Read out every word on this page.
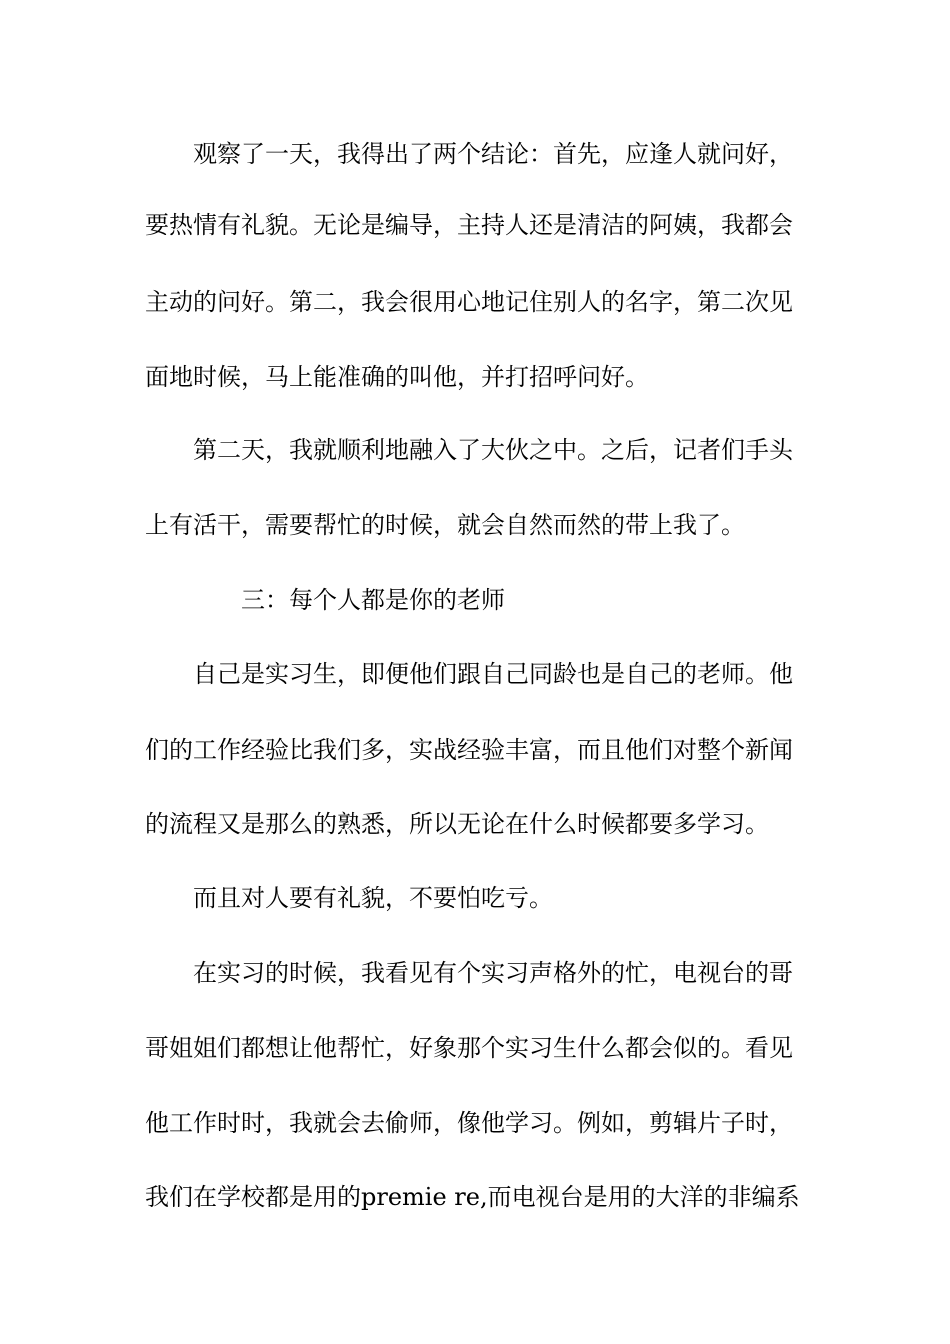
观察了一天，我得出了两个结论：首先，应逢人就问好，
要热情有礼貌。无论是编导，主持人还是清洁的阿姨，我都会
主动的问好。第二，我会很用心地记住别人的名字，第二次见
面地时候，马上能准确的叫他，并打招呼问好。
第二天，我就顺利地融入了大伙之中。之后，记者们手头
上有活干，需要帮忙的时候，就会自然而然的带上我了。
三：每个人都是你的老师
自己是实习生，即便他们跟自己同龄也是自己的老师。他
们的工作经验比我们多，实战经验丰富，而且他们对整个新闻
的流程又是那么的熟悉，所以无论在什么时候都要多学习。
而且对人要有礼貌，不要怕吃亏。
在实习的时候，我看见有个实习声格外的忙，电视台的哥
哥姐姐们都想让他帮忙，好象那个实习生什么都会似的。看见
他工作时时，我就会去偷师，像他学习。例如，剪辑片子时，
我们在学校都是用的premie re,而电视台是用的大洋的非编系
